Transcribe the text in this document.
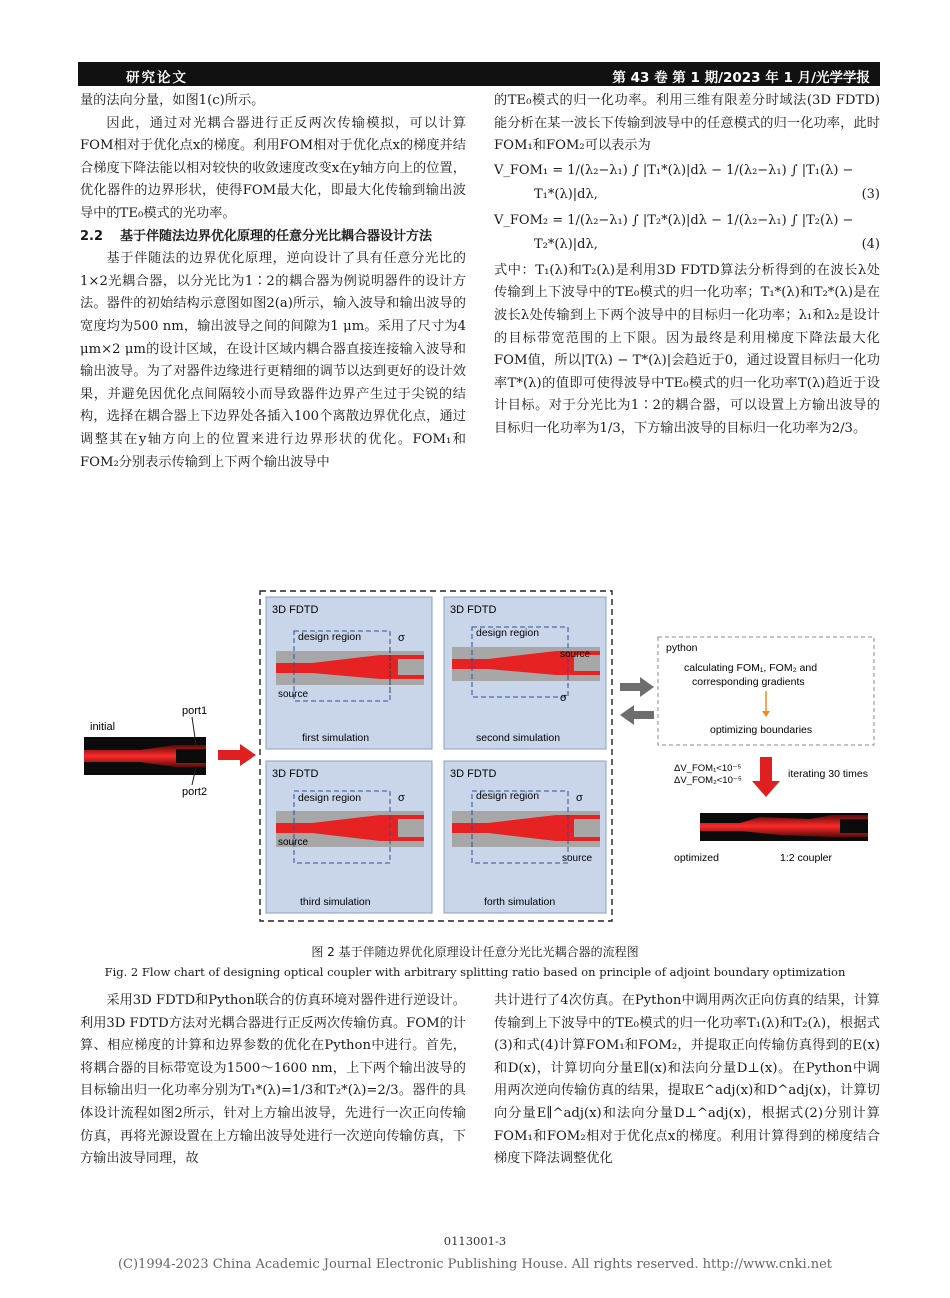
研究论文	第 43 卷 第 1 期/2023 年 1 月/光学学报

量的法向分量，如图1(c)所示。

因此，通过对光耦合器进行正反两次传输模拟，可以计算FOM相对于优化点x的梯度。利用FOM相对于优化点x的梯度并结合梯度下降法能以相对较快的收敛速度改变x在y轴方向上的位置，优化器件的边界形状，使得FOM最大化，即最大化传输到输出波导中的TE₀模式的光功率。

2.2 基于伴随法边界优化原理的任意分光比耦合器设计方法

基于伴随法的边界优化原理，逆向设计了具有任意分光比的1×2光耦合器，以分光比为1∶2的耦合器为例说明器件的设计方法。器件的初始结构示意图如图2(a)所示，输入波导和输出波导的宽度均为500 nm，输出波导之间的间隙为1 μm。采用了尺寸为4 μm×2 μm的设计区域，在设计区域内耦合器直接连接输入波导和输出波导。为了对器件边缘进行更精细的调节以达到更好的设计效果，并避免因优化点间隔较小而导致器件边界产生过于尖锐的结构，选择在耦合器上下边界处各插入100个离散边界优化点，通过调整其在y轴方向上的位置来进行边界形状的优化。FOM₁和FOM₂分别表示传输到上下两个输出波导中

的TE₀模式的归一化功率。利用三维有限差分时域法(3D FDTD)能分析在某一波长下传输到波导中的任意模式的归一化功率，此时FOM₁和FOM₂可以表示为

V_FOM₁ = 1/(λ₂−λ₁) ∫ |T₁*(λ)|dλ − 1/(λ₂−λ₁) ∫ |T₁(λ) −
T₁*(λ)|dλ,	(3)
V_FOM₂ = 1/(λ₂−λ₁) ∫ |T₂*(λ)|dλ − 1/(λ₂−λ₁) ∫ |T₂(λ) −
T₂*(λ)|dλ,	(4)

式中：T₁(λ)和T₂(λ)是利用3D FDTD算法分析得到的在波长λ处传输到上下波导中的TE₀模式的归一化功率；T₁*(λ)和T₂*(λ)是在波长λ处传输到上下两个波导中的目标归一化功率；λ₁和λ₂是设计的目标带宽范围的上下限。因为最终是利用梯度下降法最大化FOM值，所以|T(λ) − T*(λ)|会趋近于0，通过设置目标归一化功率T*(λ)的值即可使得波导中TE₀模式的归一化功率T(λ)趋近于设计目标。对于分光比为1∶2的耦合器，可以设置上方输出波导的目标归一化功率为1/3，下方输出波导的目标归一化功率为2/3。

initial
port1
port2
3D FDTD
design region	σ
source
first simulation
3D FDTD
design region
source
σ
second simulation
3D FDTD
design region	σ
source
third simulation
3D FDTD
design region	σ
source
forth simulation
python
calculating FOM₁, FOM₂ and
corresponding gradients
optimizing boundaries
ΔV_FOM₁<10⁻⁵
ΔV_FOM₂<10⁻⁵
iterating 30 times
optimized	1:2 coupler
图 2 基于伴随边界优化原理设计任意分光比光耦合器的流程图
Fig. 2 Flow chart of designing optical coupler with arbitrary splitting ratio based on principle of adjoint boundary optimization

采用3D FDTD和Python联合的仿真环境对器件进行逆设计。利用3D FDTD方法对光耦合器进行正反两次传输仿真。FOM的计算、相应梯度的计算和边界参数的优化在Python中进行。首先，将耦合器的目标带宽设为1500～1600 nm，上下两个输出波导的目标输出归一化功率分别为T₁*(λ)=1/3和T₂*(λ)=2/3。器件的具体设计流程如图2所示，针对上方输出波导，先进行一次正向传输仿真，再将光源设置在上方输出波导处进行一次逆向传输仿真，下方输出波导同理，故

共计进行了4次仿真。在Python中调用两次正向仿真的结果，计算传输到上下波导中的TE₀模式的归一化功率T₁(λ)和T₂(λ)，根据式(3)和式(4)计算FOM₁和FOM₂，并提取正向传输仿真得到的E(x)和D(x)，计算切向分量E∥(x)和法向分量D⊥(x)。在Python中调用两次逆向传输仿真的结果，提取E^adj(x)和D^adj(x)，计算切向分量E∥^adj(x)和法向分量D⊥^adj(x)，根据式(2)分别计算FOM₁和FOM₂相对于优化点x的梯度。利用计算得到的梯度结合梯度下降法调整优化

0113001-3
(C)1994-2023 China Academic Journal Electronic Publishing House. All rights reserved. http://www.cnki.net
